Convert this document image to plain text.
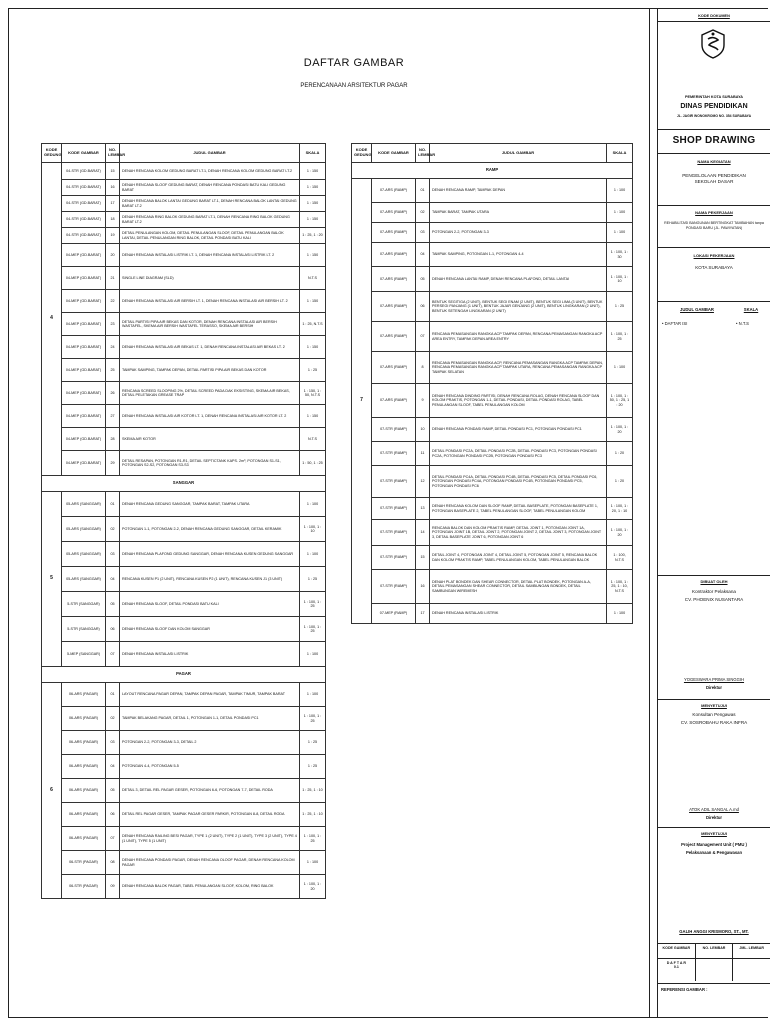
DAFTAR GAMBAR
PERENCANAAN ARSITEKTUR PAGAR
KODE GEDUNG	KODE GAMBAR	NO. LEMBAR	JUDUL GAMBAR	SKALA
4	04-STR (GD.BARAT)	15	DENAH RENCANA KOLOM GEDUNG BARAT LT.1, DENAH RENCANA KOLOM GEDUNG BARAT LT.2	1 : 150
	04-STR (GD.BARAT)	16	DENAH RENCANA SLOOF GEDUNG BARAT, DENAH RENCANA PONDASI BATU KALI GEDUNG BARAT	1 : 150
	04-STR (GD.BARAT)	17	DENAH RENCANA BALOK LANTAI GEDUNG BARAT LT.1, DENAH RENCANA BALOK LANTAI GEDUNG BARAT LT.2	1 : 150
	04-STR (GD.BARAT)	18	DENAH RENCANA RING BALOK GEDUNG BARAT LT.1, DENAH RENCANA RING BALOK GEDUNG BARAT LT.2	1 : 150
	04-STR (GD.BARAT)	19	DETAIL PENULANGAN KOLOM, DETAIL PENULANGAN SLOOF, DETAIL PENULANGAN BALOK LANTAI, DETAIL PENULANGAN RING BALOK, DETAIL PONDASI BATU KALI	1 : 25, 1 : 20
	04-MEP (GD.BARAT)	20	DENAH RENCANA INSTALASI LISTRIK LT. 1, DENAH RENCANA INSTALASI LISTRIK LT. 2	1 : 150
	04-MEP (GD.BARAT)	21	SINGLE LINE DIAGRAM (SLD)	N.T.S
	04-MEP (GD.BARAT)	22	DENAH RENCANA INSTALASI AIR BERSIH LT. 1, DENAH RENCANA INSTALASI AIR BERSIH LT. 2	1 : 150
	04-MEP (GD.BARAT)	23	DETAIL PARTISI PIPA AIR BEKAS DAN KOTOR, DENAH RENCANA INSTALASI AIR BERSIH WASTAFEL, SKEMA AIR BERSIH WASTAFEL TERASSO, SKEMA AIR BERSIH	1 : 25, N.T.S
	04-MEP (GD.BARAT)	24	DENAH RENCANA INSTALASI AIR BEKAS LT. 1, DENAH RENCANA INSTALASI AIR BEKAS LT. 2	1 : 150
	04-MEP (GD.BARAT)	25	TAMPAK SAMPING, TAMPAK DEPAN, DETAIL PARTISI PIPA AIR BEKAS DAN KOTOR	1 : 25
	04-MEP (GD.BARAT)	26	RENCANA SCREED SLOOPING 2%, DETAIL SCREED PADA DAK EKSISTING, SKEMA AIR BEKAS, DETAIL PELETAKAN GREASE TRAP	1 : 150, 1 : 50, N.T.S
	04-MEP (GD.BARAT)	27	DENAH RENCANA INSTALASI AIR KOTOR LT. 1, DENAH RENCANA INSTALASI AIR KOTOR LT. 2	1 : 150
	04-MEP (GD.BARAT)	28	SKEMA AIR KOTOR	N.T.S
	04-MEP (GD.BARAT)	29	DETAIL RESAPAN, POTONGAN R1-R1, DETAIL SEPTICTANK KAPS. 2m³, POTONGAN S1-S1, POTONGAN S2-S2, POTONGAN S3-S3	1 : 50, 1 : 25
SANGGAR				
5	05-ARS (SANGGAR)	01	DENAH RENCANA GEDUNG SANGGAR, TAMPAK BARAT, TAMPAK UTARA	1 : 100
	05-ARS (SANGGAR)	02	POTONGAN 1-1, POTONGAN 2-2, DENAH RENCANA GEDUNG SANGGAR, DETAIL KERAMIK	1 : 100, 1 : 10
	05-ARS (SANGGAR)	03	DENAH RENCANA PLAFOND GEDUNG SANGGAR, DENAH RENCANA KUSEN GEDUNG SANGGAR	1 : 100
	05-ARS (SANGGAR)	04	RENCANA KUSEN P1 (2 UNIT), RENCANA KUSEN P2 (1 UNIT), RENCANA KUSEN J1 (3 UNIT)	1 : 25
	5-STR (SANGGAR)	05	DENAH RENCANA SLOOF, DETAIL PONDASI BATU KALI	1 : 100, 1 : 25
	5-STR (SANGGAR)	06	DENAH RENCANA SLOOF DAN KOLOM SANGGAR	1 : 100, 1 : 25
	5-MEP (SANGGAR)	07	DENAH RENCANA INSTALASI LISTRIK	1 : 100
PAGAR				
6	06-ARS (PAGAR)	01	LAYOUT RENCANA PAGAR DEPAN, TAMPAK DEPAN PAGAR, TAMPAK TIMUR, TAMPAK BARAT	1 : 100
	06-ARS (PAGAR)	02	TAMPAK BELAKANG PAGAR, DETAIL 1, POTONGAN 1-1, DETAIL PONDASI PC1	1 : 100, 1 : 25
	06-ARS (PAGAR)	03	POTONGAN 2-2, POTONGAN 3-3, DETAIL 2	1 : 25
	06-ARS (PAGAR)	04	POTONGAN 4-4, POTONGAN 5-5	1 : 25
	06-ARS (PAGAR)	05	DETAIL 3, DETAIL REL PAGAR GESER, POTONGAN 6-6, POTONGAN 7-7, DETAIL RODA	1 : 25, 1 : 10
	06-ARS (PAGAR)	06	DETAIL REL PAGAR GESER, TAMPAK PAGAR GESER PARKIR, POTONGAN 8-8, DETAIL RODA	1 : 25, 1 : 10
	06-ARS (PAGAR)	07	DENAH RENCANA RAILING BESI PAGAR, TYPE 1 (2 UNIT), TYPE 2 (1 UNIT), TYPE 3 (2 UNIT), TYPE 4 (1 UNIT), TYPE 5 (1 UNIT)	1 : 100, 1 : 25
	06-STR (PAGAR)	08	DENAH RENCANA PONDASI PAGAR, DENAH RENCANA OLOOF PAGAR, DENAH RENCANA KOLOM PAGAR	1 : 100
	06-STR (PAGAR)	09	DENAH RENCANA BALOK PAGAR, TABEL PENULANGAN SLOOF, KOLOM, RING BALOK	1 : 100, 1 : 20
KODE GEDUNG	KODE GAMBAR	NO. LEMBAR	JUDUL GAMBAR	SKALA
RAMP				
7	07-ARS (RAMP)	01	DENAH RENCANA RAMP, TAMPAK DEPAN	1 : 100
	07-ARS (RAMP)	02	TAMPAK BARAT, TAMPAK UTARA	1 : 100
	07-ARS (RAMP)	03	POTONGAN 2-2, POTONGAN 3-3	1 : 100
	07-ARS (RAMP)	04	TAMPAK SAMPING, POTONGAN 1-1, POTONGAN 4-4	1 : 100, 1 : 30
	07-ARS (RAMP)	05	DENAH RENCANA LANTAI RAMP, DENAH RENCANA PLAFOND, DETAIL LANTAI	1 : 100, 1 : 10
	07-ARS (RAMP)	06	BENTUK SEGITIGA (2 UNIT), BENTUK SEGI ENAM (2 UNIT), BENTUK SEGI LIMA (3 UNIT), BENTUK PERSEGI PANJANG (1 UNIT), BENTUK JAJAR GENJANG (2 UNIT), BENTUK LINGKARAN (2 UNIT), BENTUK SETENGAH LINGKARAN (2 UNIT)	1 : 25
	07-ARS (RAMP)	07	RENCANA PEMASANGAN RANGKA ACP TAMPAK DEPAN, RENCANA PEMASANGAN RANGKA ACP AREA ENTRY, TAMPAK DEPAN AREA ENTRY	1 : 100, 1 : 25
	07-ARS (RAMP)	8	RENCANA PEMASANGAN RANGKA ACP, RENCANA PEMASANGAN RANGKA ACP TAMPAK DEPAN, RENCANA PEMASANGAN RANGKA ACP TAMPAK UTARA, RENCANA PEMASANGAN RANGKA ACP TAMPAK SELATAN	1 : 100
	07-ARS (RAMP)	9	DENAH RENCANA DINDING PARTISI, DENAH RENCANA ROLAG, DENAH RENCANA SLOOF DAN KOLOM PRAKTIS, POTONGAN 1-1, DETAIL PONDASI, DETAIL PONDASI ROLAG, TABEL PENULANGAN SLOOF, TABEL PENULANGAN KOLOM	1 : 100, 1 : 50, 1 : 25, 1 : 20
	07-STR (RAMP)	10	DENAH RENCANA PONDASI RAMP, DETAIL PONDASI PC1, POTONGAN PONDASI PC1	1 : 100, 1 : 20
	07-STR (RAMP)	11	DETAIL PONDASI PC2A, DETAIL PONDASI PC2B, DETAIL PONDASI PC3, POTONGAN PONDASI PC2A, POTONGAN PONDASI PC2B, POTONGAN PONDASI PC3	1 : 20
	07-STR (RAMP)	12	DETAIL PONDASI PC4A, DETAIL PONDASI PC4B, DETAIL PONDASI PC5, DETAIL PONDASI PC6, POTONGAN PONDASI PC4A, POTONGAN PONDASI PC4B, POTONGAN PONDASI PC5, POTONGAN PONDASI PC6	1 : 20
	07-STR (RAMP)	13	DENAH RENCANA KOLOM DAN SLOOF RAMP, DETAIL BASEPLATE, POTONGAN BASEPLATE 1, POTONGAN BASEPLATE 2, TABEL PENULANGAN SLOOF, TABEL PENULANGAN KOLOM	1 : 100, 1 : 20, 1 : 10
	07-STR (RAMP)	14	RENCANA BALOK DAN KOLOM PRAKTIS RAMP, DETAIL JOINT 1, POTONGAN JOINT 1A, POTONGAN JOINT 1B, DETAIL JOINT 2, POTONGAN JOINT 2, DETAIL JOINT 3, POTONGAN JOINT 3, DETAIL BASEPLATE JOINT 6, POTONGAN JOINT 6	1 : 100, 1 : 20
	07-STR (RAMP)	15	DETAIL JOINT 4, POTONGAN JOINT 4, DETAIL JOINT 5, POTONGAN JOINT 5, RENCANA BALOK DAN KOLOM PRAKTIS RAMP, TABEL PENULANGAN KOLOM, TABEL PENULANGAN BALOK	1 : 100, N.T.S
	07-STR (RAMP)	16	DENAH PLAT BONDEK DAN SHEAR CONNECTOR, DETAIL PLAT BONDEK, POTONGAN A-A, DETAIL PEMASANGAN SHEAR CONNECTOR, DETAIL SAMBUNGAN BONDEK, DETAIL SAMBUNGAN WIREMESH	1 : 100, 1 : 25, 1 : 10, N.T.S
	07-MEP (RAMP)	17	DENAH RENCANA INSTALASI LISTRIK	1 : 100
KODE DOKUMEN
PEMERINTAH KOTA SURABAYA
DINAS PENDIDIKAN
JL. JAGIR WONOKROMO NO. 354 SURABAYA
SHOP DRAWING
NAMA KEGIATAN
PENGELOLAAN PENDIDIKAN SEKOLAH DASAR
NAMA PEKERJAAN
REHABILITASI BANGUNAN BERTINGKAT TAMBAHAN tanpa PONDASI BARU (JL. PAWIYATAN)
LOKASI PEKERJAAN
KOTA SURABAYA
JUDUL GAMBAR	SKALA
• DAFTAR ISI	• N.T.S
DIBUAT OLEH
Kontraktor Pelaksana
CV. PHOENIX NUSANTARA
YOGESWARA PRIMA SINGGIH
Direktur
MENYETUJUI
Konsultan Pengawas
CV. SOSROBAHU RAKA INFRA
ATOK ADIL SANGAL A.md
Direktur
MENYETUJUI
Project Management Unit ( PMU )
Pelaksanaan & Pengawasan
GALIH ANGGI KRISMORO, ST., MT.
KODE GAMBAR	NO. LEMBAR	JML. LEMBAR
D A F T A R
0.1
REFERENSI GAMBAR :
